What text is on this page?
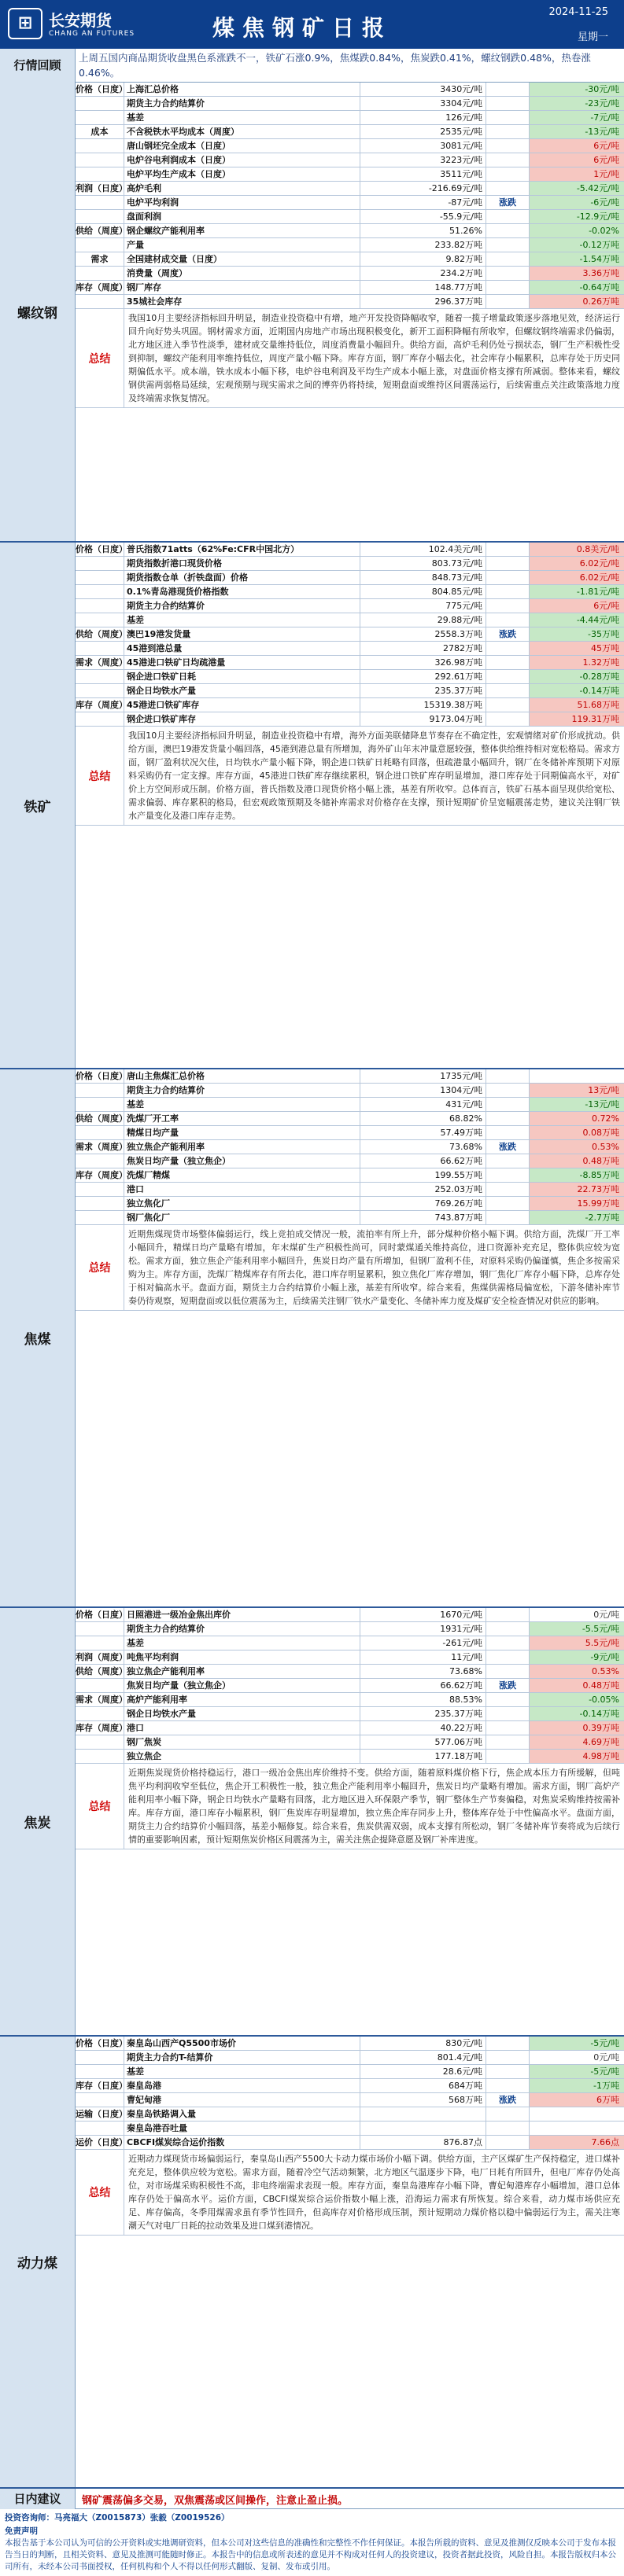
⊞	长安期货
CHANG AN FUTURES	煤焦钢矿日报
2024-11-25
星期一
行情回顾
上周五国内商品期货收盘黑色系涨跌不一，铁矿石涨0.9%，焦煤跌0.84%，焦炭跌0.41%，螺纹钢跌0.48%，热卷涨0.46%。
螺纹钢
价格（日度） 上海汇总价格	3430元/吨	-30元/吨
期货主力合约结算价	3304元/吨	-23元/吨
基差	126元/吨	-7元/吨
成本	不含税铁水平均成本（周度）	2535元/吨	-13元/吨
唐山钢坯完全成本（日度）	3081元/吨	6元/吨
电炉谷电利润成本（日度）	3223元/吨	6元/吨
电炉平均生产成本（日度）	3511元/吨	1元/吨
利润（日度） 高炉毛利	-216.69元/吨	-5.42元/吨
电炉平均利润	-87元/吨	涨跌	-6元/吨
盘面利润	-55.9元/吨	-12.9元/吨
供给（周度） 钢企螺纹产能利用率	51.26%	-0.02%
产量	233.82万吨	-0.12万吨
需求	全国建材成交量（日度）	9.82万吨	-1.54万吨
消费量（周度）	234.2万吨	3.36万吨
库存（周度） 钢厂库存	148.77万吨	-0.64万吨
35城社会库存	296.37万吨	0.26万吨
总结
我国10月主要经济指标回升明显，制造业投资稳中有增，地产开发投资降幅收窄，随着一揽子增量政策逐步落地见效，经济运行回升向好势头巩固。钢材需求方面，近期国内房地产市场出现积极变化，新开工面积降幅有所收窄，但螺纹钢终端需求仍偏弱，北方地区进入季节性淡季，建材成交量维持低位，周度消费量小幅回升。供给方面，高炉毛利仍处亏损状态，钢厂生产积极性受到抑制，螺纹产能利用率维持低位，周度产量小幅下降。库存方面，钢厂库存小幅去化，社会库存小幅累积，总库存处于历史同期偏低水平。成本端，铁水成本小幅下移，电炉谷电利润及平均生产成本小幅上涨，对盘面价格支撑有所减弱。整体来看，螺纹钢供需两弱格局延续，宏观预期与现实需求之间的博弈仍将持续，短期盘面或维持区间震荡运行，后续需重点关注政策落地力度及终端需求恢复情况。
铁矿
价格（日度） 普氏指数71atts（62%Fe:CFR中国北方）	102.4美元/吨	0.8美元/吨
期货指数折港口现货价格	803.73元/吨	6.02元/吨
期货指数仓单（折铁盘面）价格	848.73元/吨	6.02元/吨
0.1%青岛港现货价格指数	804.85元/吨	-1.81元/吨
期货主力合约结算价	775元/吨	6元/吨
基差	29.88元/吨	-4.44元/吨
供给（周度） 澳巴19港发货量	2558.3万吨	涨跌	-35万吨
45港到港总量	2782万吨	45万吨
需求（周度） 45港进口铁矿日均疏港量	326.98万吨	1.32万吨
钢企进口铁矿日耗	292.61万吨	-0.28万吨
钢企日均铁水产量	235.37万吨	-0.14万吨
库存（周度） 45港进口铁矿库存	15319.38万吨	51.68万吨
钢企进口铁矿库存	9173.04万吨	119.31万吨
总结
我国10月主要经济指标回升明显，制造业投资稳中有增，海外方面美联储降息节奏存在不确定性，宏观情绪对矿价形成扰动。供给方面，澳巴19港发货量小幅回落，45港到港总量有所增加，海外矿山年末冲量意愿较强，整体供给维持相对宽松格局。需求方面，钢厂盈利状况欠佳，日均铁水产量小幅下降，钢企进口铁矿日耗略有回落，但疏港量小幅回升，钢厂在冬储补库预期下对原料采购仍有一定支撑。库存方面，45港进口铁矿库存继续累积，钢企进口铁矿库存明显增加，港口库存处于同期偏高水平，对矿价上方空间形成压制。价格方面，普氏指数及港口现货价格小幅上涨，基差有所收窄。总体而言，铁矿石基本面呈现供给宽松、需求偏弱、库存累积的格局，但宏观政策预期及冬储补库需求对价格存在支撑，预计短期矿价呈宽幅震荡走势，建议关注钢厂铁水产量变化及港口库存走势。
焦煤
价格（日度） 唐山主焦煤汇总价格	1735元/吨
期货主力合约结算价	1304元/吨	13元/吨
基差	431元/吨	-13元/吨
供给（周度） 洗煤厂开工率	68.82%	0.72%
精煤日均产量	57.49万吨	0.08万吨
需求（周度） 独立焦企产能利用率	73.68%	涨跌	0.53%
焦炭日均产量（独立焦企）	66.62万吨	0.48万吨
库存（周度） 洗煤厂精煤	199.55万吨	-8.85万吨
港口	252.03万吨	22.73万吨
独立焦化厂	769.26万吨	15.99万吨
钢厂焦化厂	743.87万吨	-2.7万吨
总结
近期焦煤现货市场整体偏弱运行，线上竞拍成交情况一般，流拍率有所上升，部分煤种价格小幅下调。供给方面，洗煤厂开工率小幅回升，精煤日均产量略有增加，年末煤矿生产积极性尚可，同时蒙煤通关维持高位，进口资源补充充足，整体供应较为宽松。需求方面，独立焦企产能利用率小幅回升，焦炭日均产量有所增加，但钢厂盈利不佳，对原料采购仍偏谨慎，焦企多按需采购为主。库存方面，洗煤厂精煤库存有所去化，港口库存明显累积，独立焦化厂库存增加，钢厂焦化厂库存小幅下降，总库存处于相对偏高水平。盘面方面，期货主力合约结算价小幅上涨，基差有所收窄。综合来看，焦煤供需格局偏宽松，下游冬储补库节奏仍待观察，短期盘面或以低位震荡为主，后续需关注钢厂铁水产量变化、冬储补库力度及煤矿安全检查情况对供应的影响。
焦炭
价格（日度） 日照港进一级冶金焦出库价	1670元/吨	0元/吨
期货主力合约结算价	1931元/吨	-5.5元/吨
基差	-261元/吨	5.5元/吨
利润（周度） 吨焦平均利润	11元/吨	-9元/吨
供给（周度） 独立焦企产能利用率	73.68%	0.53%
焦炭日均产量（独立焦企）	66.62万吨	涨跌	0.48万吨
需求（周度） 高炉产能利用率	88.53%	-0.05%
钢企日均铁水产量	235.37万吨	-0.14万吨
库存（周度） 港口	40.22万吨	0.39万吨
钢厂焦炭	577.06万吨	4.69万吨
独立焦企	177.18万吨	4.98万吨
总结
近期焦炭现货价格持稳运行，港口一级冶金焦出库价维持不变。供给方面，随着原料煤价格下行，焦企成本压力有所缓解，但吨焦平均利润收窄至低位，焦企开工积极性一般，独立焦企产能利用率小幅回升，焦炭日均产量略有增加。需求方面，钢厂高炉产能利用率小幅下降，钢企日均铁水产量略有回落，北方地区进入环保限产季节，钢厂整体生产节奏偏稳，对焦炭采购维持按需补库。库存方面，港口库存小幅累积，钢厂焦炭库存明显增加，独立焦企库存同步上升，整体库存处于中性偏高水平。盘面方面，期货主力合约结算价小幅回落，基差小幅修复。综合来看，焦炭供需双弱，成本支撑有所松动，钢厂冬储补库节奏将成为后续行情的重要影响因素，预计短期焦炭价格区间震荡为主，需关注焦企提降意愿及钢厂补库进度。
动力煤
价格（日度） 秦皇岛山西产Q5500市场价	830元/吨	-5元/吨
期货主力合约T-结算价	801.4元/吨	0元/吨
基差	28.6元/吨	-5元/吨
库存（日度） 秦皇岛港	684万吨	-1万吨
曹妃甸港	568万吨	涨跌	6万吨
运输（日度） 秦皇岛铁路调入量
秦皇岛港吞吐量
运价（日度） CBCFI煤炭综合运价指数	876.87点	7.66点
总结
近期动力煤现货市场偏弱运行，秦皇岛山西产5500大卡动力煤市场价小幅下调。供给方面，主产区煤矿生产保持稳定，进口煤补充充足，整体供应较为宽松。需求方面，随着冷空气活动频繁，北方地区气温逐步下降，电厂日耗有所回升，但电厂库存仍处高位，对市场煤采购积极性不高，非电终端需求表现一般。库存方面，秦皇岛港库存小幅下降，曹妃甸港库存小幅增加，港口总体库存仍处于偏高水平。运价方面，CBCFI煤炭综合运价指数小幅上涨，沿海运力需求有所恢复。综合来看，动力煤市场供应充足、库存偏高，冬季用煤需求虽有季节性回升，但高库存对价格形成压制，预计短期动力煤价格以稳中偏弱运行为主，需关注寒潮天气对电厂日耗的拉动效果及进口煤到港情况。
日内建议	钢矿震荡偏多交易，双焦震荡或区间操作，注意止盈止损。
投资咨询师：马亮福大（Z0015873）张毅（Z0019526）
免责声明
本报告基于本公司认为可信的公开资料或实地调研资料，但本公司对这些信息的准确性和完整性不作任何保证。本报告所载的资料、意见及推测仅反映本公司于发布本报告当日的判断，且相关资料、意见及推测可能随时修正。本报告中的信息或所表述的意见并不构成对任何人的投资建议，投资者据此投资，风险自担。本报告版权归本公司所有，未经本公司书面授权，任何机构和个人不得以任何形式翻版、复制、发布或引用。
